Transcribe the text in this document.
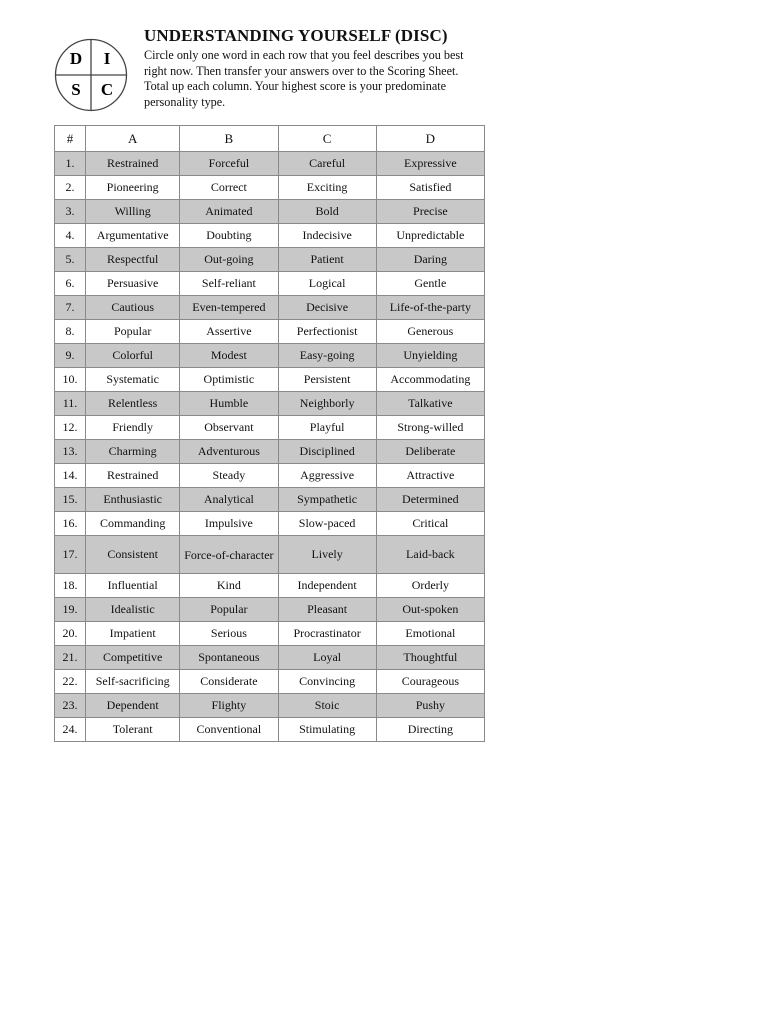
D I
S C
UNDERSTANDING YOURSELF (DISC)
Circle only one word in each row that you feel describes you best right now. Then transfer your answers over to the Scoring Sheet. Total up each column. Your highest score is your predominate personality type.
#	A	B	C	D
1.	Restrained	Forceful	Careful	Expressive
2.	Pioneering	Correct	Exciting	Satisfied
3.	Willing	Animated	Bold	Precise
4.	Argumentative	Doubting	Indecisive	Unpredictable
5.	Respectful	Out-going	Patient	Daring
6.	Persuasive	Self-reliant	Logical	Gentle
7.	Cautious	Even-tempered	Decisive	Life-of-the-party
8.	Popular	Assertive	Perfectionist	Generous
9.	Colorful	Modest	Easy-going	Unyielding
10.	Systematic	Optimistic	Persistent	Accommodating
11.	Relentless	Humble	Neighborly	Talkative
12.	Friendly	Observant	Playful	Strong-willed
13.	Charming	Adventurous	Disciplined	Deliberate
14.	Restrained	Steady	Aggressive	Attractive
15.	Enthusiastic	Analytical	Sympathetic	Determined
16.	Commanding	Impulsive	Slow-paced	Critical
17.	Consistent	Force-of-character	Lively	Laid-back
18.	Influential	Kind	Independent	Orderly
19.	Idealistic	Popular	Pleasant	Out-spoken
20.	Impatient	Serious	Procrastinator	Emotional
21.	Competitive	Spontaneous	Loyal	Thoughtful
22.	Self-sacrificing	Considerate	Convincing	Courageous
23.	Dependent	Flighty	Stoic	Pushy
24.	Tolerant	Conventional	Stimulating	Directing
